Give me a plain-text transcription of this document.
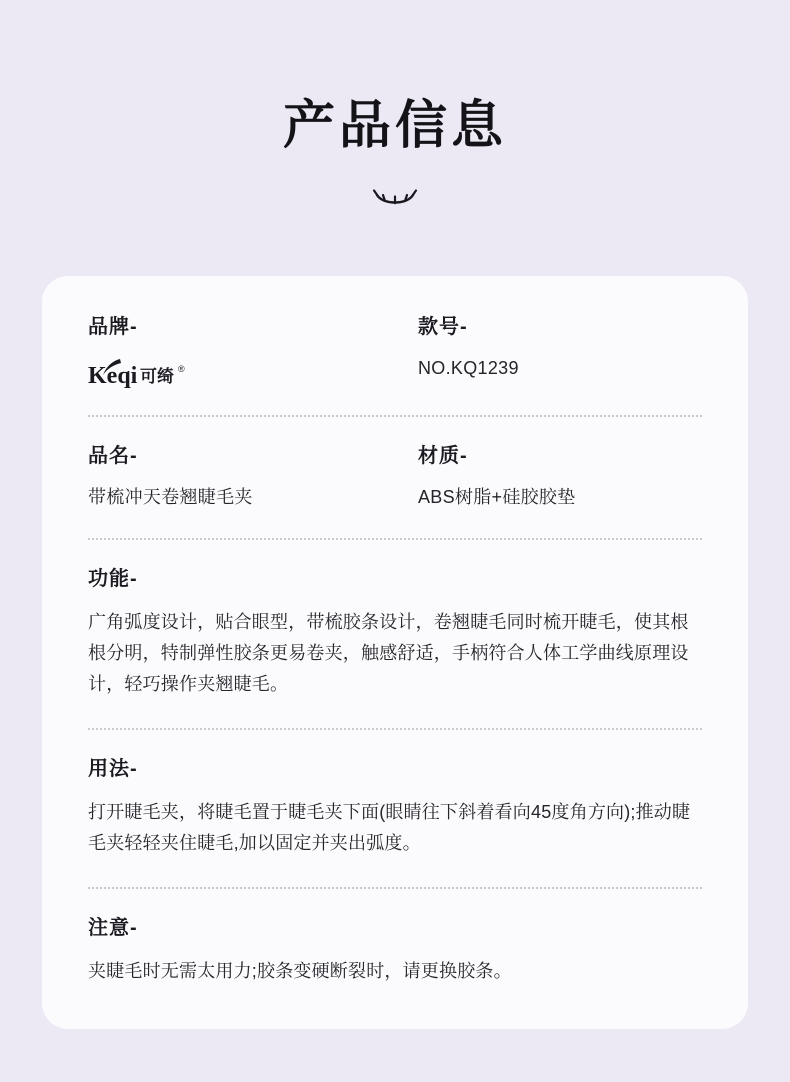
产品信息
品牌-
Keqi 可绮 ®
款号-
NO.KQ1239
品名-
带梳冲天卷翘睫毛夹
材质-
ABS树脂+硅胶胶垫
功能-
广角弧度设计，贴合眼型，带梳胶条设计，卷翘睫毛同时梳开睫毛，使其根根分明，特制弹性胶条更易卷夹，触感舒适，手柄符合人体工学曲线原理设计，轻巧操作夹翘睫毛。
用法-
打开睫毛夹，将睫毛置于睫毛夹下面(眼睛往下斜着看向45度角方向);推动睫毛夹轻轻夹住睫毛,加以固定并夹出弧度。
注意-
夹睫毛时无需太用力;胶条变硬断裂时，请更换胶条。
